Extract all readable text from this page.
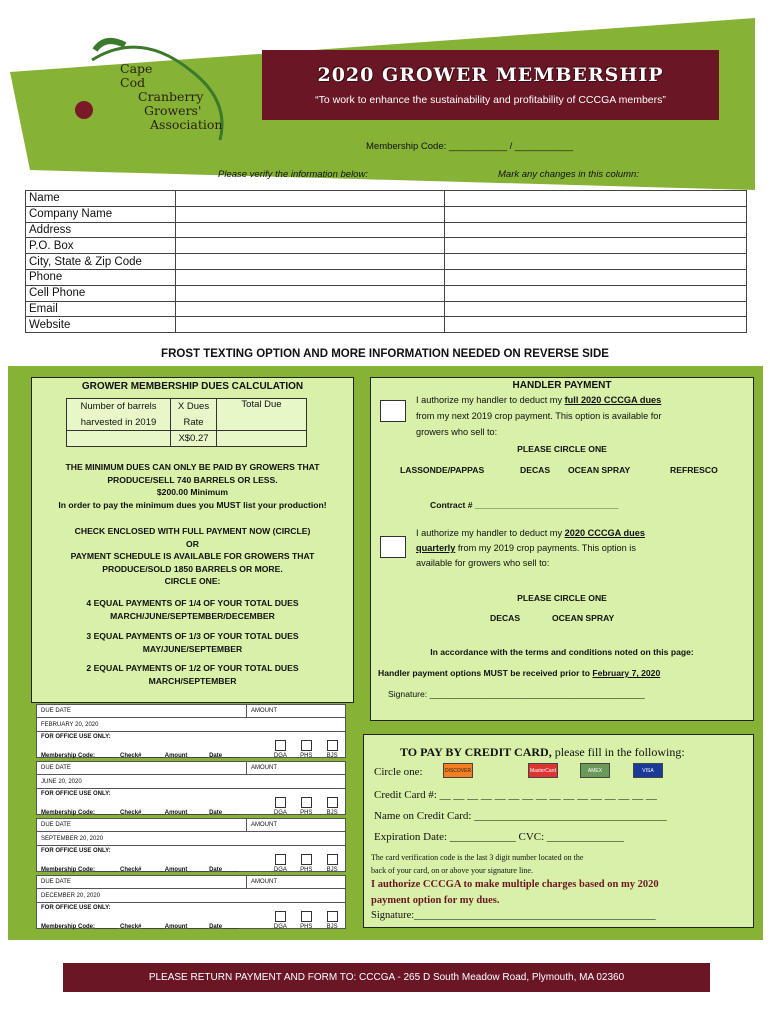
Cape
Cod
Cranberry
Growers'
Association
2020 GROWER MEMBERSHIP
“To work to enhance the sustainability and profitability of CCCGA members”
Membership Code: ___________ / ___________
Please verify the information below:	Mark any changes in this column:
Name		
Company Name		
Address		
P.O. Box		
City, State & Zip Code		
Phone		
Cell Phone		
Email		
Website		
FROST TEXTING OPTION AND MORE INFORMATION NEEDED ON REVERSE SIDE
GROWER MEMBERSHIP DUES CALCULATION
Number of barrels	X Dues	Total Due
harvested in 2019	Rate	
	X$0.27	
THE MINIMUM DUES CAN ONLY BE PAID BY GROWERS THAT
PRODUCE/SELL 740 BARRELS OR LESS.
$200.00 Minimum
In order to pay the minimum dues you MUST list your production!
CHECK ENCLOSED WITH FULL PAYMENT NOW (CIRCLE)
OR
PAYMENT SCHEDULE IS AVAILABLE FOR GROWERS THAT
PRODUCE/SOLD 1850 BARRELS OR MORE.
CIRCLE ONE:
4 EQUAL PAYMENTS OF 1/4 OF YOUR TOTAL DUES
MARCH/JUNE/SEPTEMBER/DECEMBER
3 EQUAL PAYMENTS OF 1/3 OF YOUR TOTAL DUES
MAY/JUNE/SEPTEMBER
2 EQUAL PAYMENTS OF 1/2 OF YOUR TOTAL DUES
MARCH/SEPTEMBER
HANDLER PAYMENT
I authorize my handler to deduct my full 2020 CCCGA dues
from my next 2019 crop payment. This option is available for
growers who sell to:
PLEASE CIRCLE ONE
LASSONDE/PAPPAS	DECAS OCEAN SPRAY	REFRESCO
Contract # ______________________________
I authorize my handler to deduct my 2020 CCCGA dues
quarterly from my 2019 crop payments. This option is
available for growers who sell to:
PLEASE CIRCLE ONE
DECAS	OCEAN SPRAY
In accordance with the terms and conditions noted on this page:
Handler payment options MUST be received prior to February 7, 2020
Signature: _____________________________________________
DUE DATE	AMOUNT
FEBRUARY 20, 2020
FOR OFFICE USE ONLY:
Membership Code:_______ Check#_______Amount______ Date_____	DGA	PHS	BJS
DUE DATE	AMOUNT
JUNE 20, 2020
FOR OFFICE USE ONLY:
Membership Code:_______ Check#_______Amount______ Date_____	DGA	PHS	BJS
DUE DATE	AMOUNT
SEPTEMBER 20, 2020
FOR OFFICE USE ONLY:
Membership Code:_______ Check#_______Amount______ Date_____	DGA	PHS	BJS
DUE DATE	AMOUNT
DECEMBER 20, 2020
FOR OFFICE USE ONLY:
Membership Code:_______ Check#_______Amount______ Date_____	DGA	PHS	BJS
TO PAY BY CREDIT CARD, please fill in the following:
Circle one:	DISCOVER	MasterCard	AMEX	VISA
Credit Card #: __ __ __ __ __ __ __ __ __ __ __ __ __ __ __ __
Name on Credit Card: ___________________________________
Expiration Date: ____________ CVC: ______________
The card verification code is the last 3 digit number located on the
back of your card, on or above your signature line.
I authorize CCCGA to make multiple charges based on my 2020
payment option for my dues.
Signature:______________________________________________
PLEASE RETURN PAYMENT AND FORM TO: CCCGA - 265 D South Meadow Road, Plymouth, MA 02360
